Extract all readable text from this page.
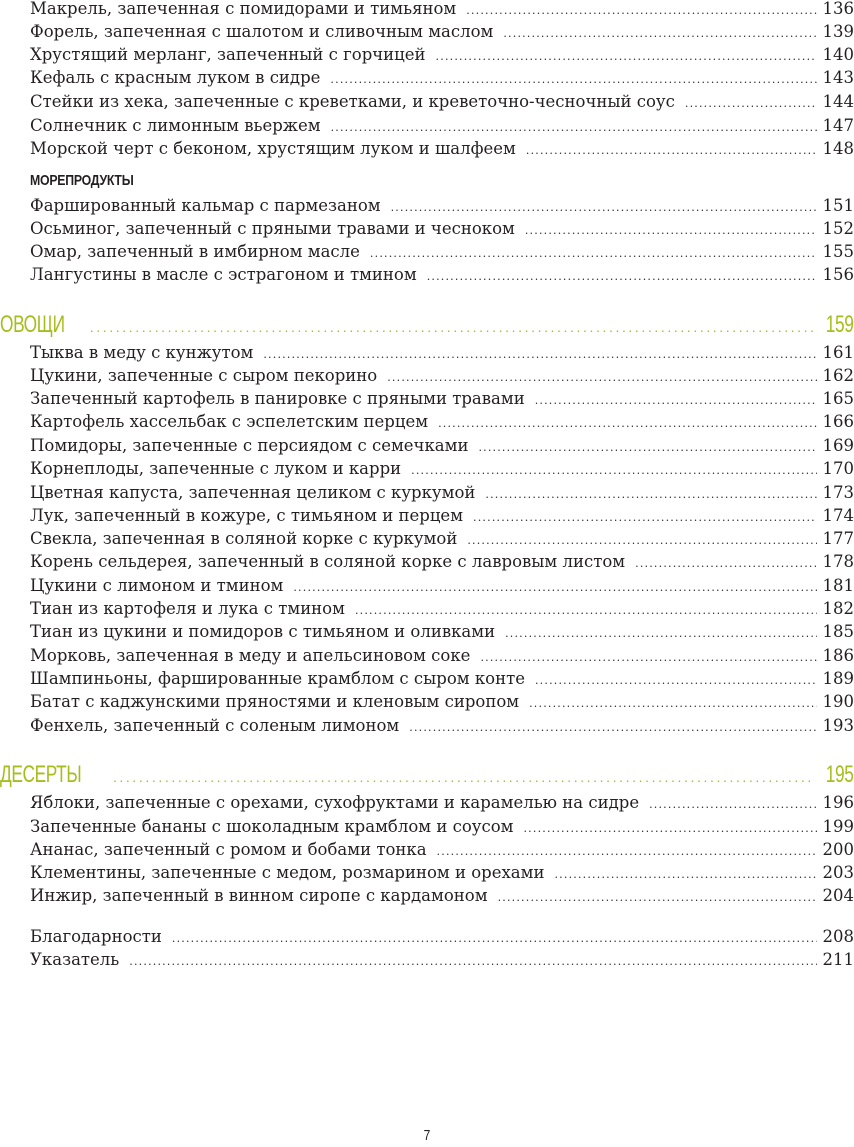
Макрель, запеченная с помидорами и тимьяном .....	136
Форель, запеченная с шалотом и сливочным маслом .....	139
Хрустящий мерланг, запеченный с горчицей .....	140
Кефаль с красным луком в сидре .....	143
Стейки из хека, запеченные с креветками, и креветочно-чесночный соус .....	144
Солнечник с лимонным вьержем .....	147
Морской черт с беконом, хрустящим луком и шалфеем .....	148
МОРЕПРОДУКТЫ
Фаршированный кальмар с пармезаном .....	151
Осьминог, запеченный с пряными травами и чесноком .....	152
Омар, запеченный в имбирном масле .....	155
Лангустины в масле с эстрагоном и тмином .....	156
ОВОЩИ .....	159
Тыква в меду с кунжутом .....	161
Цукини, запеченные с сыром пекорино .....	162
Запеченный картофель в панировке с пряными травами .....	165
Картофель хассельбак с эспелетским перцем .....	166
Помидоры, запеченные с персиядом с семечками .....	169
Корнеплоды, запеченные с луком и карри .....	170
Цветная капуста, запеченная целиком с куркумой .....	173
Лук, запеченный в кожуре, с тимьяном и перцем .....	174
Свекла, запеченная в соляной корке с куркумой .....	177
Корень сельдерея, запеченный в соляной корке с лавровым листом .....	178
Цукини с лимоном и тмином .....	181
Тиан из картофеля и лука с тмином .....	182
Тиан из цукини и помидоров с тимьяном и оливками .....	185
Морковь, запеченная в меду и апельсиновом соке .....	186
Шампиньоны, фаршированные крамблом с сыром конте .....	189
Батат с каджунскими пряностями и кленовым сиропом .....	190
Фенхель, запеченный с соленым лимоном .....	193
ДЕСЕРТЫ .....	195
Яблоки, запеченные с орехами, сухофруктами и карамелью на сидре .....	196
Запеченные бананы с шоколадным крамблом и соусом .....	199
Ананас, запеченный с ромом и бобами тонка .....	200
Клементины, запеченные с медом, розмарином и орехами .....	203
Инжир, запеченный в винном сиропе с кардамоном .....	204
Благодарности .....	208
Указатель .....	211
7
